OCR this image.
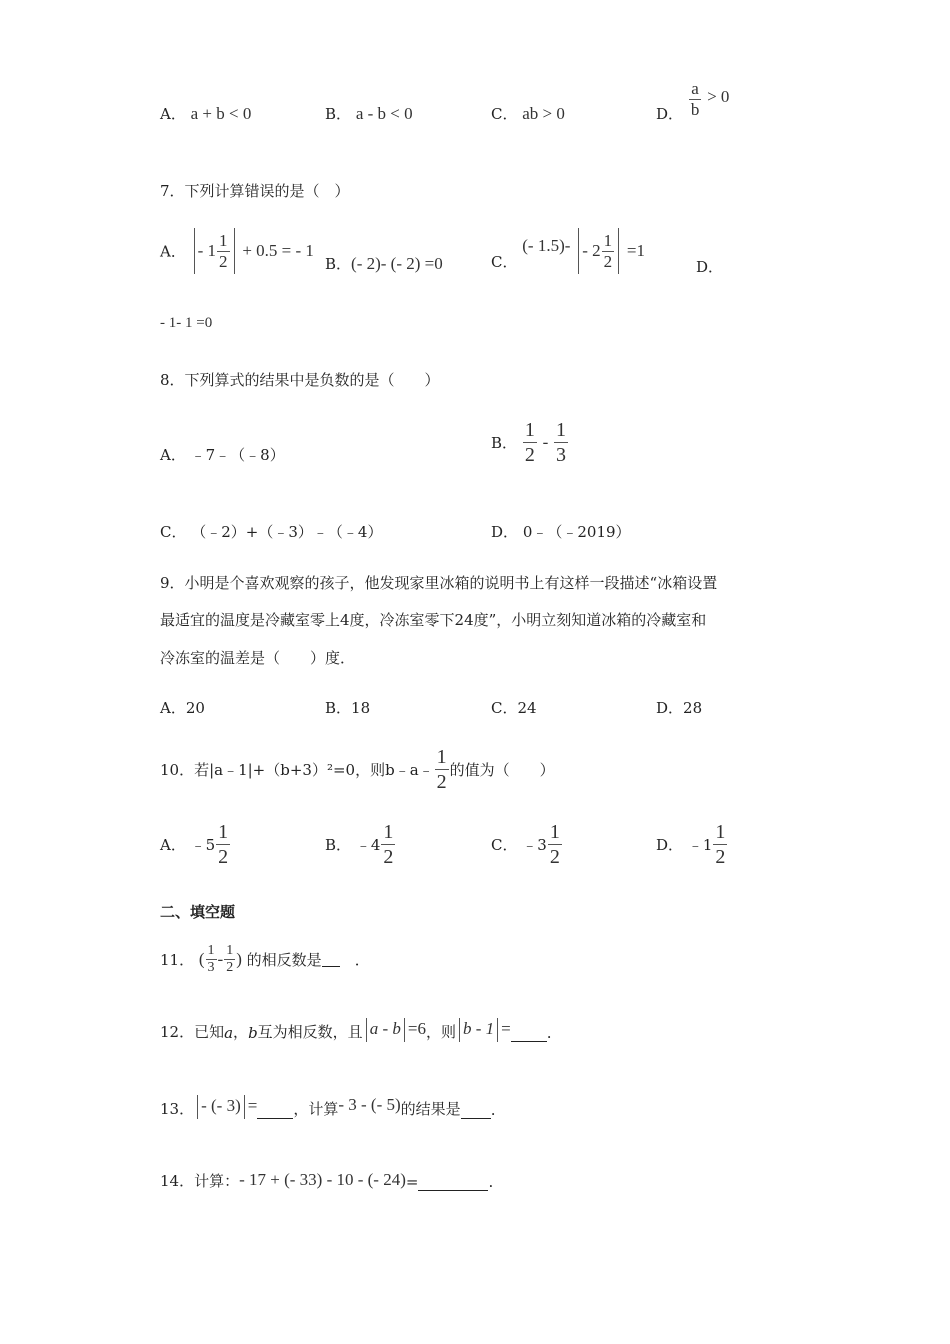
A． a + b < 0	B． a - b < 0	C． ab > 0	D． $\frac{a}{b} > 0$
7．下列计算错误的是（　）
A． - $1 \frac{1}{2} + 0.5$ = - 1
B．(- 2)- (- 2) =0	C． (- $1.5)- - 2 \frac{1}{2} =1$
D．
- 1- 1 =0
8．下列算式的结果中是负数的是（　　）
A． ﹣7﹣（﹣8）
B． $\frac{1}{2} - \frac{1}{3}$
C． （﹣2）+（﹣3）﹣（﹣4）	D． 0﹣（﹣2019）
9．小明是个喜欢观察的孩子，他发现家里冰箱的说明书上有这样一段描述“冰箱设置
最适宜的温度是冷藏室零上4度，冷冻室零下24度”，小明立刻知道冰箱的冷藏室和
冷冻室的温差是（　　）度．
A．20	B．18	C．24	D．28
10．若|a﹣1|+（b+3）²=0，则b﹣a﹣ $\frac{1}{2}$ 的值为（　　）
A． ﹣5 $\frac{1}{2}$	B． ﹣4 $\frac{1}{2}$	C． ﹣3 $\frac{1}{2}$	D． ﹣1 $\frac{1}{2}$
二、填空题
11． ( $\frac{1}{3} - \frac{1}{2}$ ) 的相反数是　．
12．已知a，b互为相反数，且 a - b =6，则 b - 1 = .
13． - (- 3) = ，计算- 3 - (- 5)的结果是 .
14．计算：- 17 + (- 33) - 10 - (- 24)=	.
